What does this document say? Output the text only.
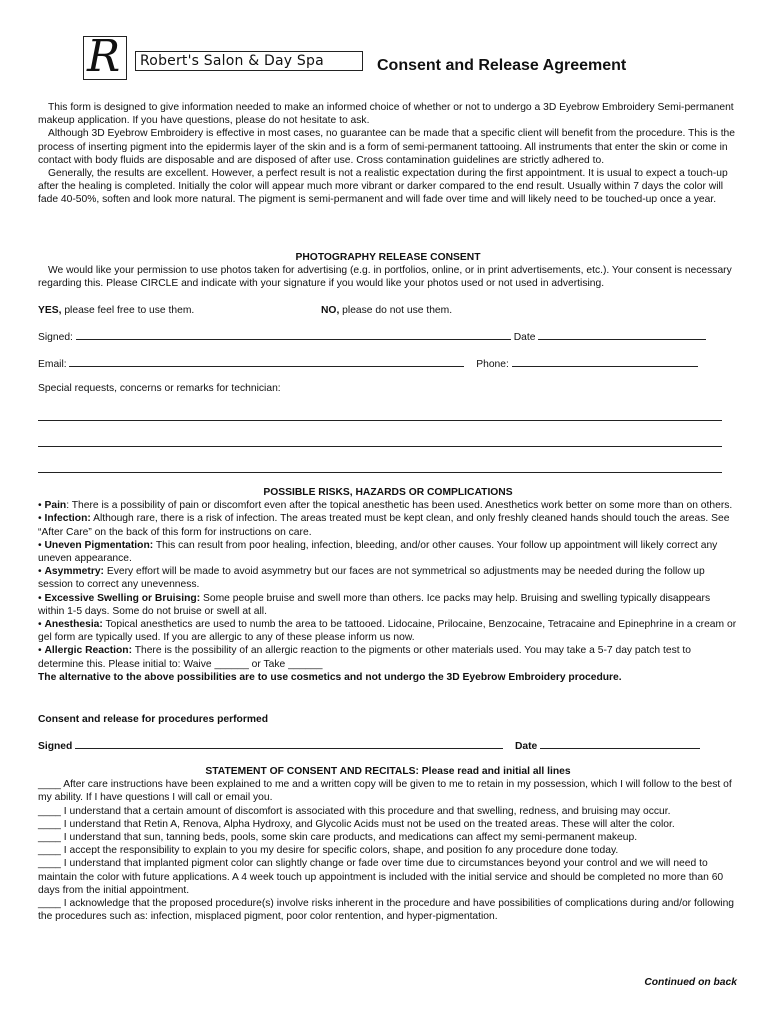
R	Robert's Salon & Day Spa	Consent and Release Agreement

This form is designed to give information needed to make an informed choice of whether or not to undergo a 3D Eyebrow Embroidery Semi-permanent makeup application. If you have questions, please do not hesitate to ask.

Although 3D Eyebrow Embroidery is effective in most cases, no guarantee can be made that a specific client will benefit from the procedure. This is the process of inserting pigment into the epidermis layer of the skin and is a form of semi-permanent tattooing. All instruments that enter the skin or come in contact with body fluids are disposable and are disposed of after use. Cross contamination guidelines are strictly adhered to.

Generally, the results are excellent. However, a perfect result is not a realistic expectation during the first appointment. It is usual to expect a touch-up after the healing is completed. Initially the color will appear much more vibrant or darker compared to the end result. Usually within 7 days the color will fade 40-50%, soften and look more natural. The pigment is semi-permanent and will fade over time and will likely need to be touched-up once a year.

PHOTOGRAPHY RELEASE CONSENT

We would like your permission to use photos taken for advertising (e.g. in portfolios, online, or in print advertisements, etc.). Your consent is necessary regarding this. Please CIRCLE and indicate with your signature if you would like your photos used or not used in advertising.

YES, please feel free to use them.	NO, please do not use them.
Signed:	Date
Email:	Phone:
Special requests, concerns or remarks for technician:

POSSIBLE RISKS, HAZARDS OR COMPLICATIONS

• Pain: There is a possibility of pain or discomfort even after the topical anesthetic has been used. Anesthetics work better on some more than on others.

• Infection: Although rare, there is a risk of infection. The areas treated must be kept clean, and only freshly cleaned hands should touch the areas. See “After Care” on the back of this form for instructions on care.

• Uneven Pigmentation: This can result from poor healing, infection, bleeding, and/or other causes. Your follow up appointment will likely correct any uneven appearance.

• Asymmetry: Every effort will be made to avoid asymmetry but our faces are not symmetrical so adjustments may be needed during the follow up session to correct any unevenness.

• Excessive Swelling or Bruising: Some people bruise and swell more than others. Ice packs may help. Bruising and swelling typically disappears within 1-5 days. Some do not bruise or swell at all.

• Anesthesia: Topical anesthetics are used to numb the area to be tattooed. Lidocaine, Prilocaine, Benzocaine, Tetracaine and Epinephrine in a cream or gel form are typically used. If you are allergic to any of these please inform us now.

• Allergic Reaction: There is the possibility of an allergic reaction to the pigments or other materials used. You may take a 5-7 day patch test to determine this. Please initial to: Waive ______ or Take ______

The alternative to the above possibilities are to use cosmetics and not undergo the 3D Eyebrow Embroidery procedure.

Consent and release for procedures performed
Signed	Date

STATEMENT OF CONSENT AND RECITALS: Please read and initial all lines

____ After care instructions have been explained to me and a written copy will be given to me to retain in my possession, which I will follow to the best of my ability. If I have questions I will call or email you.

____ I understand that a certain amount of discomfort is associated with this procedure and that swelling, redness, and bruising may occur.

____ I understand that Retin A, Renova, Alpha Hydroxy, and Glycolic Acids must not be used on the treated areas. These will alter the color.

____ I understand that sun, tanning beds, pools, some skin care products, and medications can affect my semi-permanent makeup.

____ I accept the responsibility to explain to you my desire for specific colors, shape, and position fo any procedure done today.

____ I understand that implanted pigment color can slightly change or fade over time due to circumstances beyond your control and we will need to maintain the color with future applications. A 4 week touch up appointment is included with the initial service and should be completed no more than 60 days from the initial appointment.

____ I acknowledge that the proposed procedure(s) involve risks inherent in the procedure and have possibilities of complications during and/or following the procedures such as: infection, misplaced pigment, poor color rentention, and hyper-pigmentation.

Continued on back
